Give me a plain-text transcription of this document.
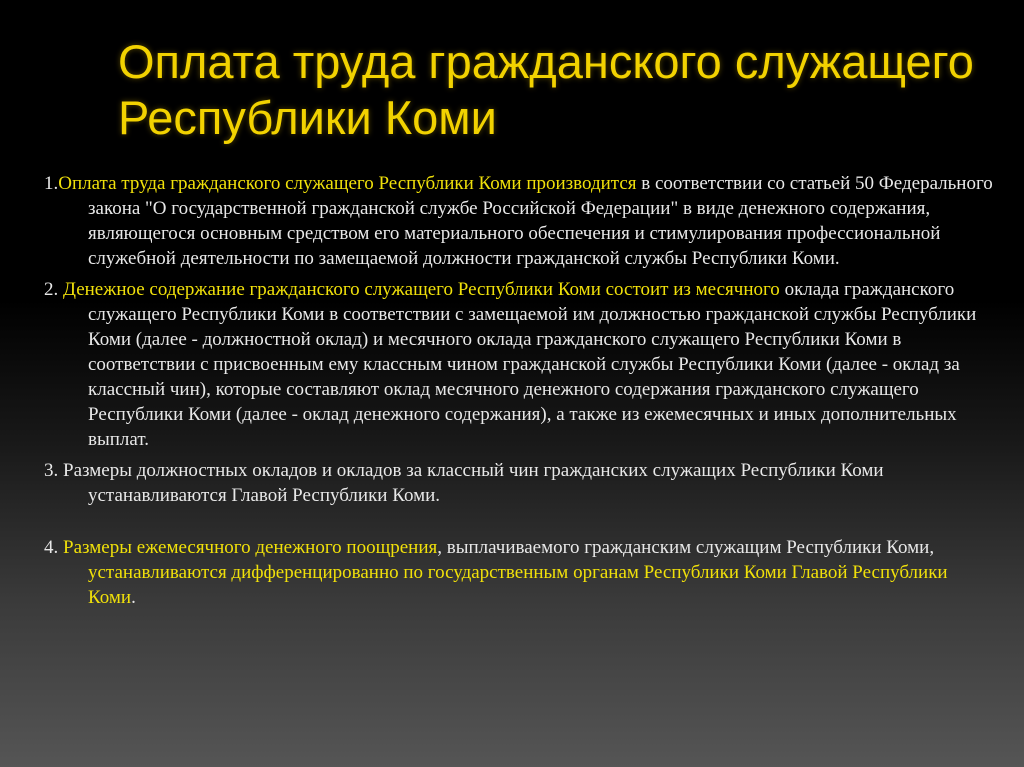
Оплата труда гражданского служащего Республики Коми

1.Оплата труда гражданского служащего Республики Коми производится в соответствии со статьей 50 Федерального закона "О государственной гражданской службе Российской Федерации" в виде денежного содержания, являющегося основным средством его материального обеспечения и стимулирования профессиональной служебной деятельности по замещаемой должности гражданской службы Республики Коми.

2. Денежное содержание гражданского служащего Республики Коми состоит из месячного оклада гражданского служащего Республики Коми в соответствии с замещаемой им должностью гражданской службы Республики Коми (далее - должностной оклад) и месячного оклада гражданского служащего Республики Коми в соответствии с присвоенным ему классным чином гражданской службы Республики Коми (далее - оклад за классный чин), которые составляют оклад месячного денежного содержания гражданского служащего Республики Коми (далее - оклад денежного содержания), а также из ежемесячных и иных дополнительных выплат.

3. Размеры должностных окладов и окладов за классный чин гражданских служащих Республики Коми устанавливаются Главой Республики Коми.

4. Размеры ежемесячного денежного поощрения, выплачиваемого гражданским служащим Республики Коми, устанавливаются дифференцированно по государственным органам Республики Коми Главой Республики Коми.
